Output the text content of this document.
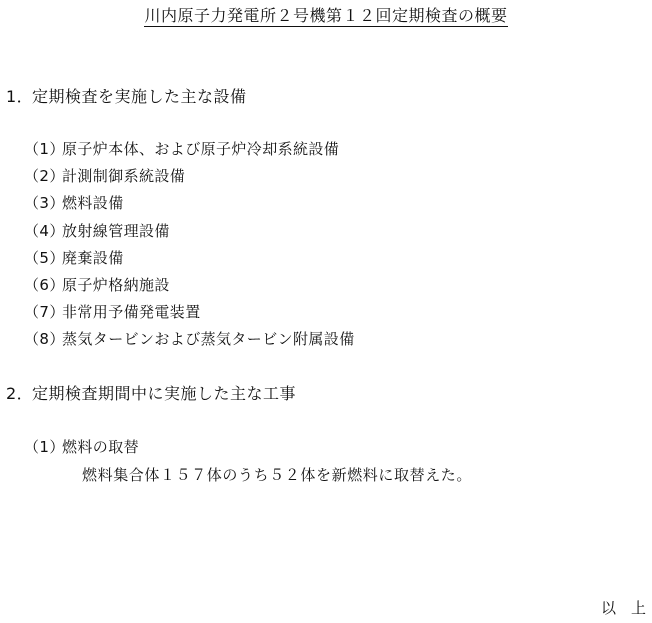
川内原子力発電所２号機第１２回定期検査の概要
1．定期検査を実施した主な設備
（1）原子炉本体、および原子炉冷却系統設備
（2）計測制御系統設備
（3）燃料設備
（4）放射線管理設備
（5）廃棄設備
（6）原子炉格納施設
（7）非常用予備発電装置
（8）蒸気タービンおよび蒸気タービン附属設備
2．定期検査期間中に実施した主な工事
（1）燃料の取替
燃料集合体１５７体のうち５２体を新燃料に取替えた。
以　上
